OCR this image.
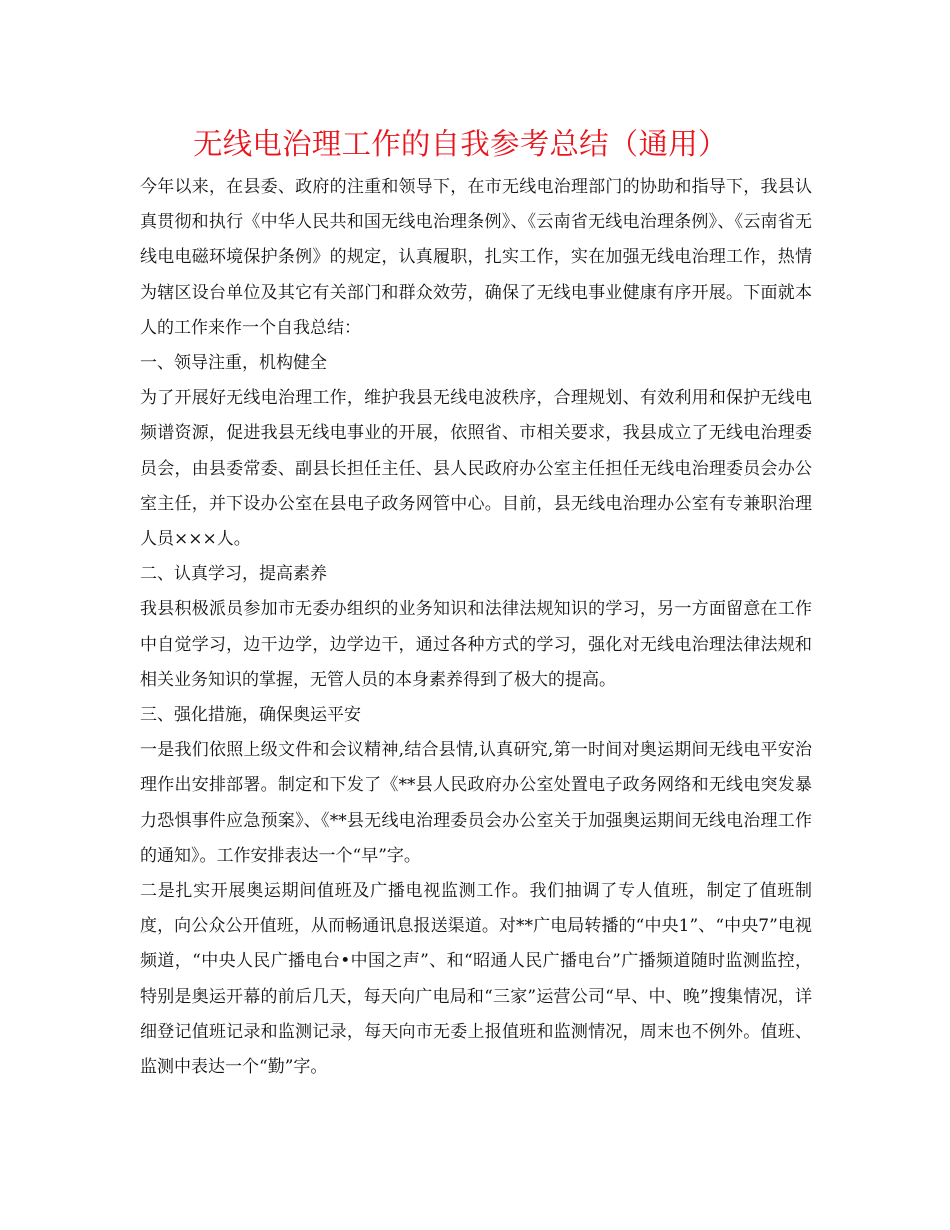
无线电治理工作的自我参考总结（通用）

今年以来，在县委、政府的注重和领导下，在市无线电治理部门的协助和指导下，我县认真贯彻和执行《中华人民共和国无线电治理条例》、《云南省无线电治理条例》、《云南省无线电电磁环境保护条例》的规定，认真履职，扎实工作，实在加强无线电治理工作，热情为辖区设台单位及其它有关部门和群众效劳，确保了无线电事业健康有序开展。下面就本人的工作来作一个自我总结：

一、领导注重，机构健全

为了开展好无线电治理工作，维护我县无线电波秩序，合理规划、有效利用和保护无线电频谱资源，促进我县无线电事业的开展，依照省、市相关要求，我县成立了无线电治理委员会，由县委常委、副县长担任主任、县人民政府办公室主任担任无线电治理委员会办公室主任，并下设办公室在县电子政务网管中心。目前，县无线电治理办公室有专兼职治理人员×××人。

二、认真学习，提高素养

我县积极派员参加市无委办组织的业务知识和法律法规知识的学习，另一方面留意在工作中自觉学习，边干边学，边学边干，通过各种方式的学习，强化对无线电治理法律法规和相关业务知识的掌握，无管人员的本身素养得到了极大的提高。

三、强化措施，确保奥运平安

一是我们依照上级文件和会议精神,结合县情,认真研究,第一时间对奥运期间无线电平安治理作出安排部署。制定和下发了《**县人民政府办公室处置电子政务网络和无线电突发暴力恐惧事件应急预案》、《**县无线电治理委员会办公室关于加强奥运期间无线电治理工作的通知》。工作安排表达一个“早”字。

二是扎实开展奥运期间值班及广播电视监测工作。我们抽调了专人值班，制定了值班制度，向公众公开值班，从而畅通讯息报送渠道。对**广电局转播的“中央1”、“中央7”电视频道，“中央人民广播电台•中国之声”、和“昭通人民广播电台”广播频道随时监测监控，特别是奥运开幕的前后几天，每天向广电局和“三家”运营公司“早、中、晚”搜集情况，详细登记值班记录和监测记录，每天向市无委上报值班和监测情况，周末也不例外。值班、监测中表达一个“勤”字。
